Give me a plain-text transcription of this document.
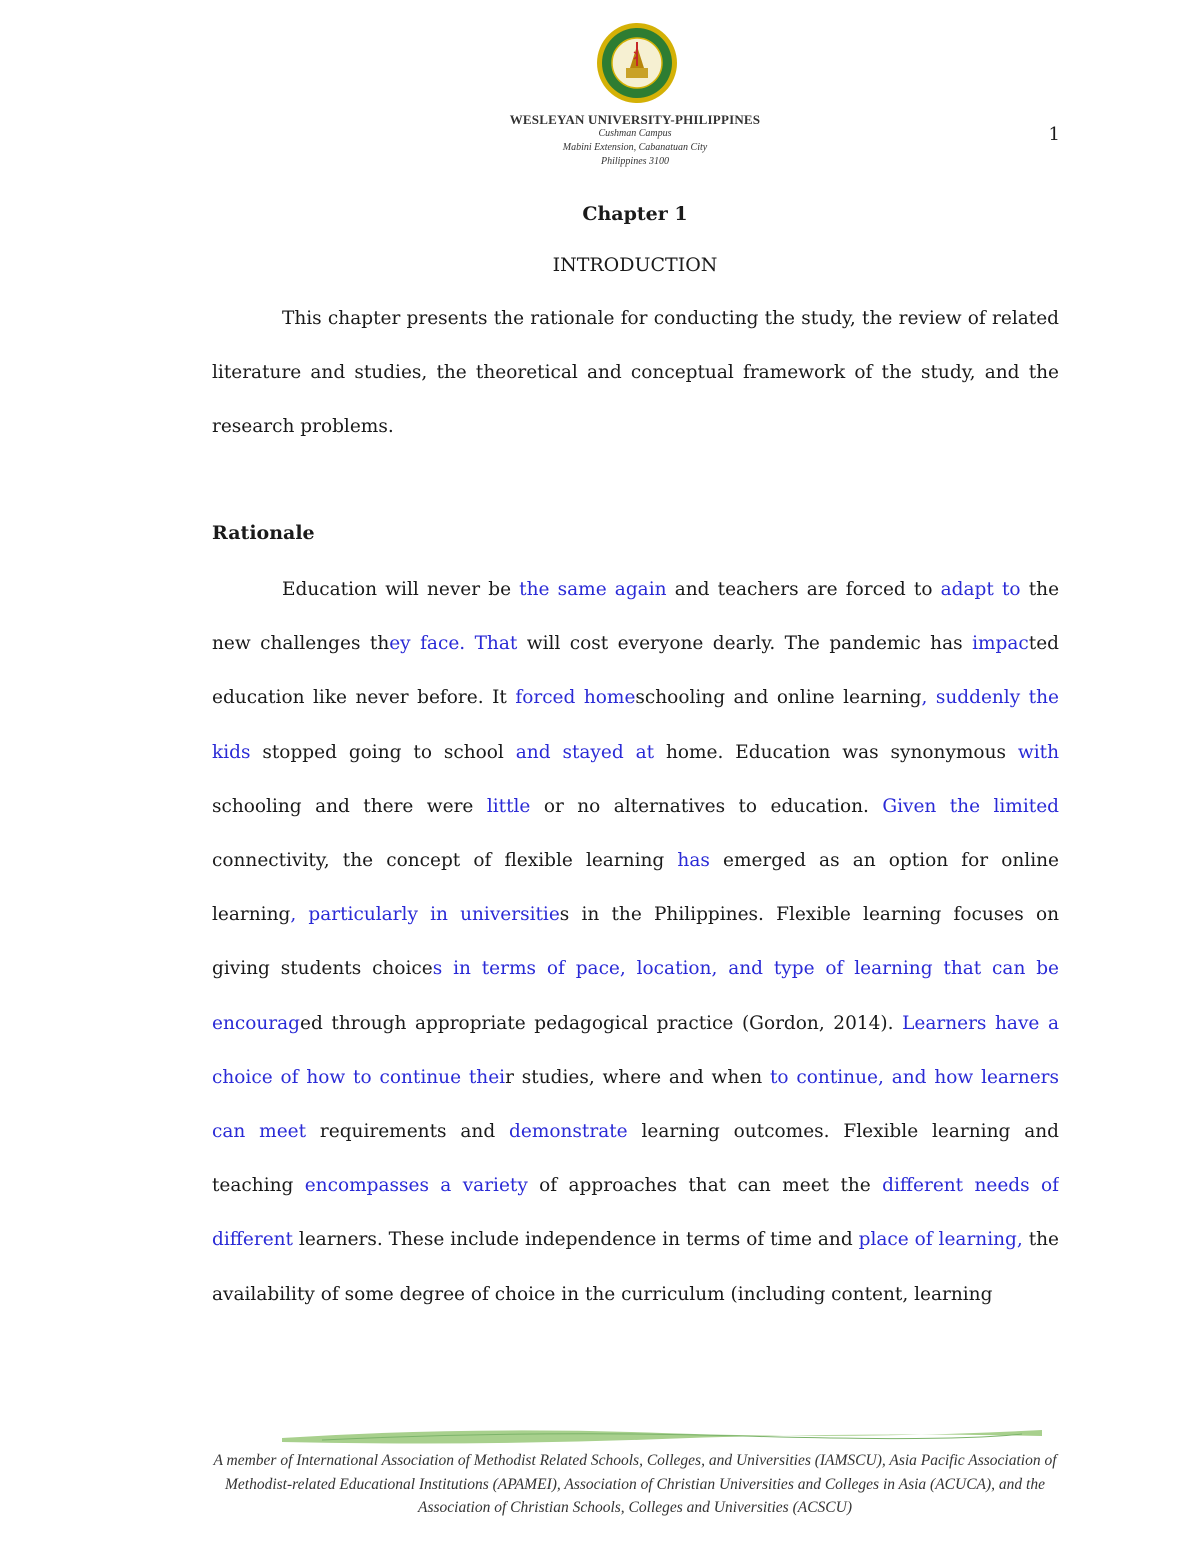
WESLEYAN UNIVERSITY-PHILIPPINES
Cushman Campus
Mabini Extension, Cabanatuan City
Philippines 3100
1
Chapter 1
INTRODUCTION

This chapter presents the rationale for conducting the study, the review of related literature and studies, the theoretical and conceptual framework of the study, and the research problems.

Rationale

Education will never be the same again and teachers are forced to adapt to the new challenges they face. That will cost everyone dearly. The pandemic has impacted education like never before. It forced homeschooling and online learning, suddenly the kids stopped going to school and stayed at home. Education was synonymous with schooling and there were little or no alternatives to education. Given the limited connectivity, the concept of flexible learning has emerged as an option for online learning, particularly in universities in the Philippines. Flexible learning focuses on giving students choices in terms of pace, location, and type of learning that can be encouraged through appropriate pedagogical practice (Gordon, 2014). Learners have a choice of how to continue their studies, where and when to continue, and how learners can meet requirements and demonstrate learning outcomes. Flexible learning and teaching encompasses a variety of approaches that can meet the different needs of different learners. These include independence in terms of time and place of learning, the availability of some degree of choice in the curriculum (including content, learning

A member of International Association of Methodist Related Schools, Colleges, and Universities (IAMSCU), Asia Pacific Association of Methodist-related Educational Institutions (APAMEI), Association of Christian Universities and Colleges in Asia (ACUCA), and the Association of Christian Schools, Colleges and Universities (ACSCU)
